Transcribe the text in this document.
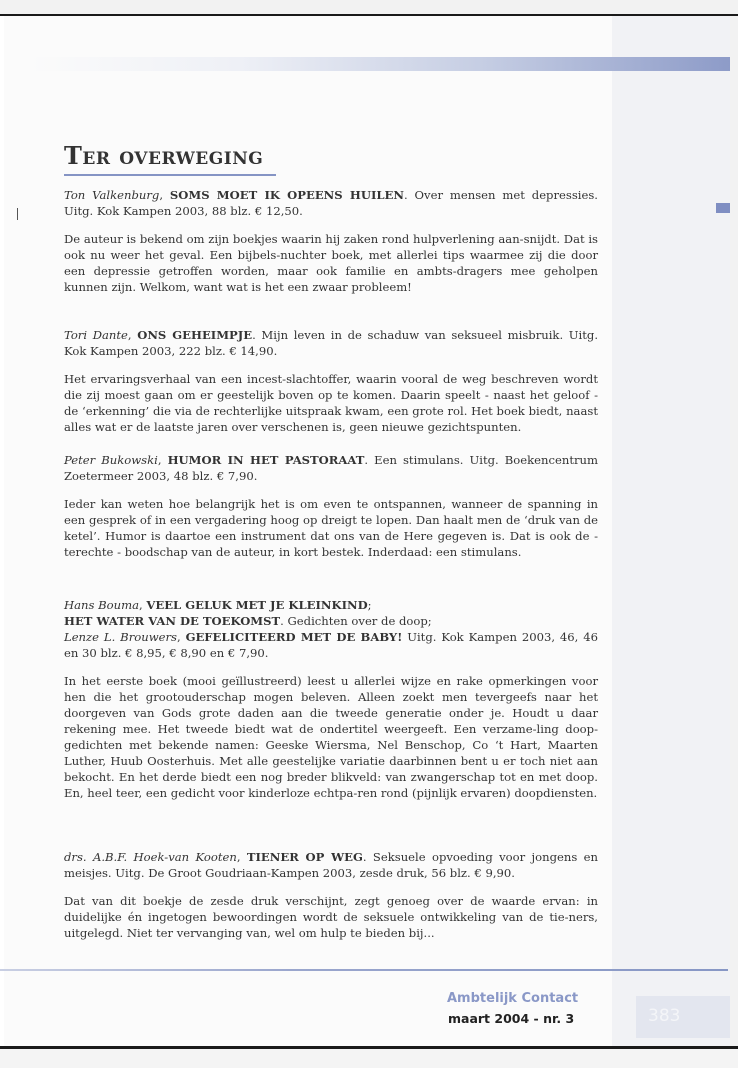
Ter overweging

Ton Valkenburg, SOMS MOET IK OPEENS HUILEN. Over mensen met depressies. Uitg. Kok Kampen 2003, 88 blz. € 12,50.

De auteur is bekend om zijn boekjes waarin hij zaken rond hulpverlening aan-snijdt. Dat is ook nu weer het geval. Een bijbels-nuchter boek, met allerlei tips waarmee zij die door een depressie getroffen worden, maar ook familie en ambts-dragers mee geholpen kunnen zijn. Welkom, want wat is het een zwaar probleem!

Tori Dante, ONS GEHEIMPJE. Mijn leven in de schaduw van seksueel misbruik. Uitg. Kok Kampen 2003, 222 blz. € 14,90.

Het ervaringsverhaal van een incest-slachtoffer, waarin vooral de weg beschreven wordt die zij moest gaan om er geestelijk boven op te komen. Daarin speelt - naast het geloof - de ‘erkenning’ die via de rechterlijke uitspraak kwam, een grote rol. Het boek biedt, naast alles wat er de laatste jaren over verschenen is, geen nieuwe gezichtspunten.

Peter Bukowski, HUMOR IN HET PASTORAAT. Een stimulans. Uitg. Boekencentrum Zoetermeer 2003, 48 blz. € 7,90.

Ieder kan weten hoe belangrijk het is om even te ontspannen, wanneer de spanning in een gesprek of in een vergadering hoog op dreigt te lopen. Dan haalt men de ‘druk van de ketel’. Humor is daartoe een instrument dat ons van de Here gegeven is. Dat is ook de - terechte - boodschap van de auteur, in kort bestek. Inderdaad: een stimulans.

Hans Bouma, VEEL GELUK MET JE KLEINKIND;
HET WATER VAN DE TOEKOMST. Gedichten over de doop;
Lenze L. Brouwers, GEFELICITEERD MET DE BABY! Uitg. Kok Kampen 2003, 46, 46 en 30 blz. € 8,95, € 8,90 en € 7,90.

In het eerste boek (mooi geïllustreerd) leest u allerlei wijze en rake opmerkingen voor hen die het grootouderschap mogen beleven. Alleen zoekt men tevergeefs naar het doorgeven van Gods grote daden aan die tweede generatie onder je. Houdt u daar rekening mee. Het tweede biedt wat de ondertitel weergeeft. Een verzame-ling doop-gedichten met bekende namen: Geeske Wiersma, Nel Benschop, Co ‘t Hart, Maarten Luther, Huub Oosterhuis. Met alle geestelijke variatie daarbinnen bent u er toch niet aan bekocht. En het derde biedt een nog breder blikveld: van zwangerschap tot en met doop. En, heel teer, een gedicht voor kinderloze echtpa-ren rond (pijnlijk ervaren) doopdiensten.

drs. A.B.F. Hoek-van Kooten, TIENER OP WEG. Seksuele opvoeding voor jongens en meisjes. Uitg. De Groot Goudriaan-Kampen 2003, zesde druk, 56 blz. € 9,90.

Dat van dit boekje de zesde druk verschijnt, zegt genoeg over de waarde ervan: in duidelijke én ingetogen bewoordingen wordt de seksuele ontwikkeling van de tie-ners, uitgelegd. Niet ter vervanging van, wel om hulp te bieden bij...

Ambtelijk Contact

maart 2004 - nr. 3	383
